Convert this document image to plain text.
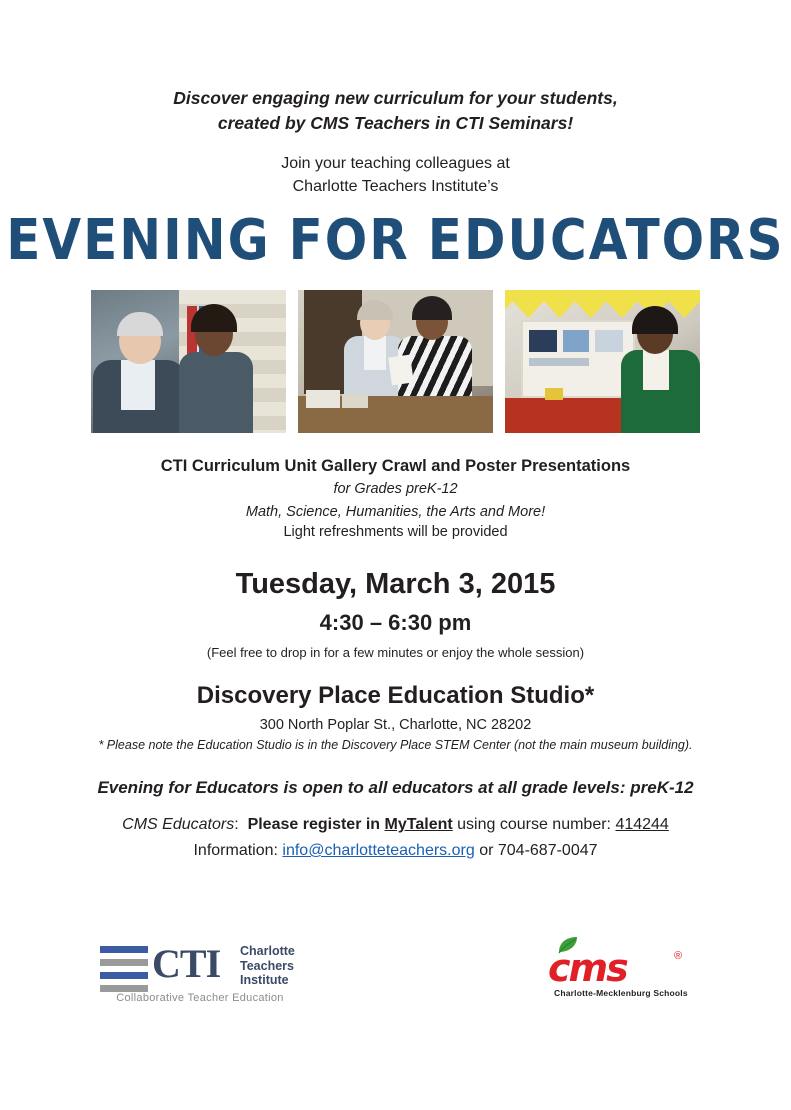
Discover engaging new curriculum for your students,
created by CMS Teachers in CTI Seminars!
Join your teaching colleagues at
Charlotte Teachers Institute’s
EVENING FOR EDUCATORS
CTI Curriculum Unit Gallery Crawl and Poster Presentations
for Grades preK-12
Math, Science, Humanities, the Arts and More!
Light refreshments will be provided
Tuesday, March 3, 2015
4:30 – 6:30 pm
(Feel free to drop in for a few minutes or enjoy the whole session)
Discovery Place Education Studio*
300 North Poplar St., Charlotte, NC 28202
* Please note the Education Studio is in the Discovery Place STEM Center (not the main museum building).
Evening for Educators is open to all educators at all grade levels: preK-12
CMS Educators: Please register in MyTalent using course number: 414244
Information: info@charlotteteachers.org or 704-687-0047
CTI Charlotte
Teachers
Institute
Collaborative Teacher Education
cms	®
Charlotte-Mecklenburg Schools
